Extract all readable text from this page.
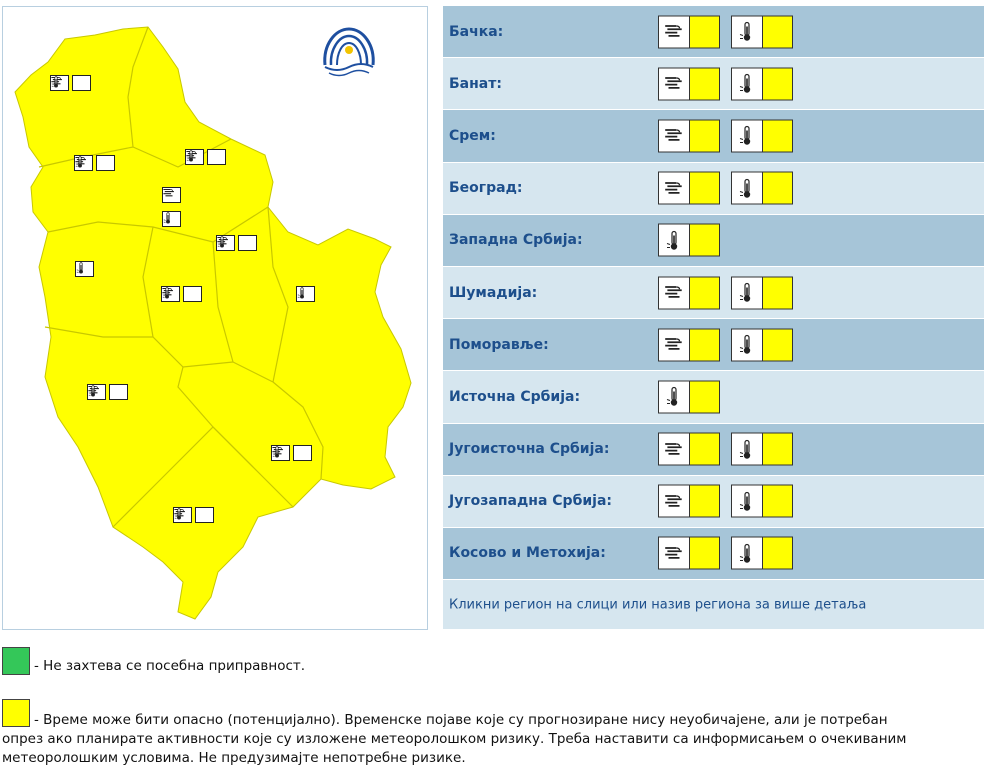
Бачка:
Банат:
Срем:
Београд:
Западна Србија:
Шумадија:
Поморавље:
Источна Србија:
Југоисточна Србија:
Југозападна Србија:
Косово и Метохија:
Кликни регион на слици или назив региона за више детаља
- Не захтева се посебна приправност.
- Време може бити опасно (потенцијално). Временске појаве које су прогнозиране нису неуобичајене, али је потребан
опрез ако планирате активности које су изложене метеоролошком ризику. Треба наставити са информисањем о очекиваним
метеоролошким условима. Не предузимајте непотребне ризике.
